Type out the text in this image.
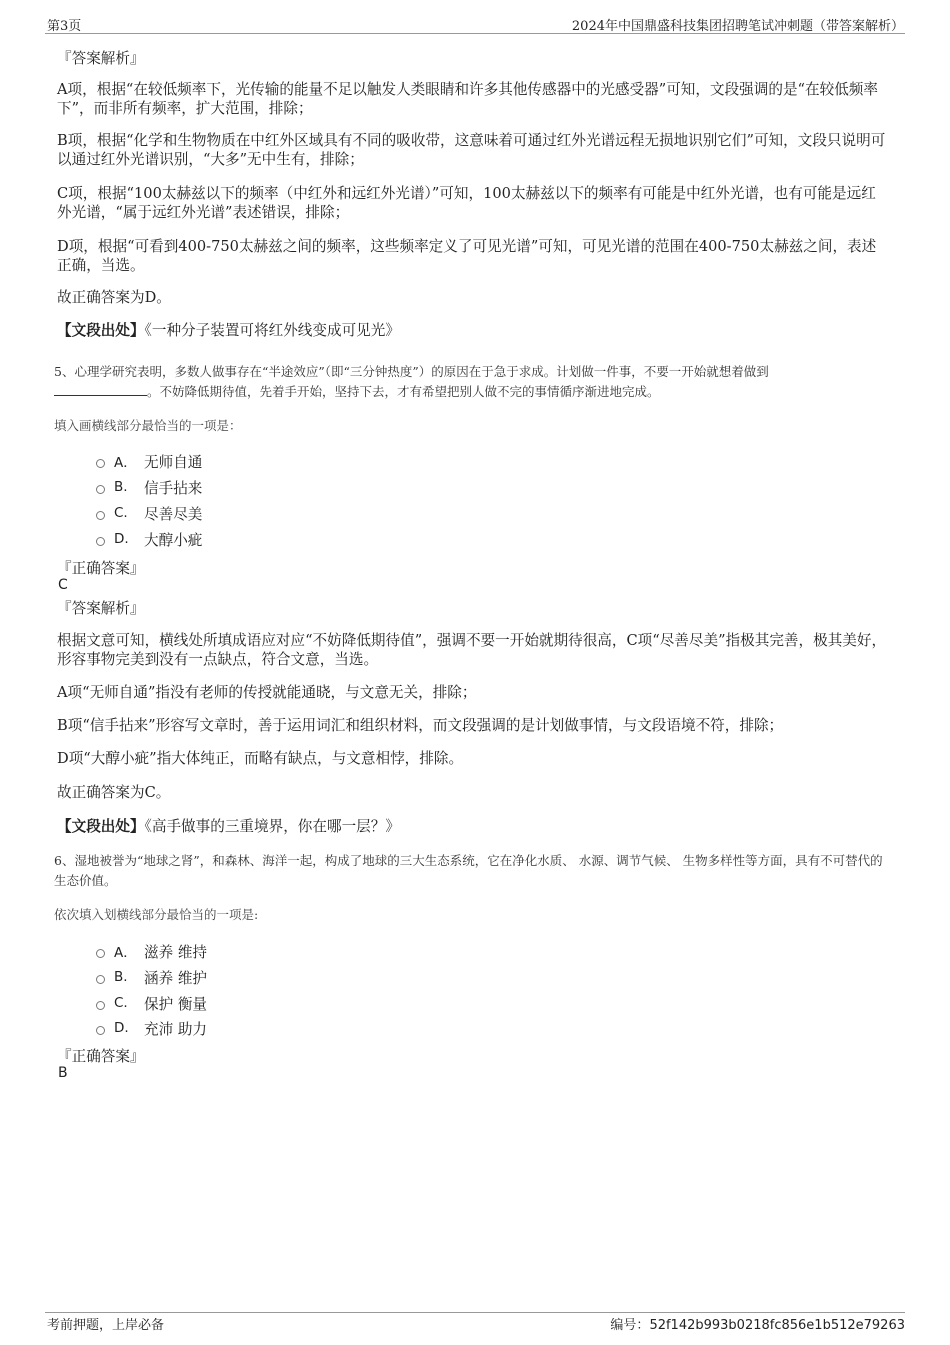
第3页	2024年中国鼎盛科技集团招聘笔试冲刺题（带答案解析）
『答案解析』

A项，根据“在较低频率下，光传输的能量不足以触发人类眼睛和许多其他传感器中的光感受器”可知，文段强调的是“在较低频率下”，而非所有频率，扩大范围，排除；

B项，根据“化学和生物物质在中红外区域具有不同的吸收带，这意味着可通过红外光谱远程无损地识别它们”可知，文段只说明可以通过红外光谱识别，“大多”无中生有，排除；

C项，根据“100太赫兹以下的频率（中红外和远红外光谱）”可知，100太赫兹以下的频率有可能是中红外光谱，也有可能是远红外光谱，“属于远红外光谱”表述错误，排除；

D项，根据“可看到400-750太赫兹之间的频率，这些频率定义了可见光谱”可知，可见光谱的范围在400-750太赫兹之间，表述正确，当选。

故正确答案为D。

【文段出处】《一种分子装置可将红外线变成可见光》

5、心理学研究表明，多数人做事存在“半途效应”（即“三分钟热度”）的原因在于急于求成。计划做一件事，不要一开始就想着做到
。不妨降低期待值，先着手开始，坚持下去，才有希望把别人做不完的事情循序渐进地完成。

填入画横线部分最恰当的一项是：
A． 无师自通
B.	信手拈来
C.	尽善尽美
D.	大醇小疵
『正确答案』
C
『答案解析』

根据文意可知，横线处所填成语应对应“不妨降低期待值”，强调不要一开始就期待很高，C项“尽善尽美”指极其完善，极其美好，形容事物完美到没有一点缺点，符合文意，当选。

A项“无师自通”指没有老师的传授就能通晓，与文意无关，排除；

B项“信手拈来”形容写文章时，善于运用词汇和组织材料，而文段强调的是计划做事情，与文段语境不符，排除；

D项“大醇小疵”指大体纯正，而略有缺点，与文意相悖，排除。

故正确答案为C。

【文段出处】《高手做事的三重境界，你在哪一层？》

6、湿地被誉为“地球之肾”，和森林、海洋一起，构成了地球的三大生态系统，它在净化水质、 水源、调节气候、 生物多样性等方面，具有不可替代的生态价值。

依次填入划横线部分最恰当的一项是:
A． 滋养 维持
B.	涵养 维护
C.	保护 衡量
D.	充沛 助力
『正确答案』
B
考前押题，上岸必备	编号：52f142b993b0218fc856e1b512e79263
